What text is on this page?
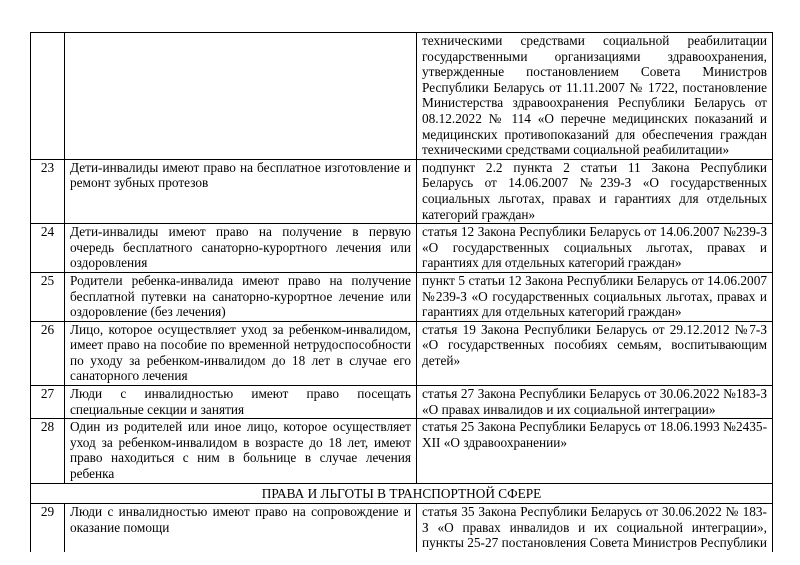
		техническими средствами социальной реабилитации государственными организациями здравоохранения, утвержденные постановлением Совета Министров Республики Беларусь от 11.11.2007 № 1722, постановление Министерства здравоохранения Республики Беларусь от 08.12.2022 № 114 «О перечне медицинских показаний и медицинских противопоказаний для обеспечения граждан техническими средствами социальной реабилитации»
23	Дети-инвалиды имеют право на бесплатное изготовление и ремонт зубных протезов	подпункт 2.2 пункта 2 статьи 11 Закона Республики Беларусь от 14.06.2007 №239-З «О государственных социальных льготах, правах и гарантиях для отдельных категорий граждан»
24	Дети-инвалиды имеют право на получение в первую очередь бесплатного санаторно-курортного лечения или оздоровления	статья 12 Закона Республики Беларусь от 14.06.2007 №239-З «О государственных социальных льготах, правах и гарантиях для отдельных категорий граждан»
25	Родители ребенка-инвалида имеют право на получение бесплатной путевки на санаторно-курортное лечение или оздоровление (без лечения)	пункт 5 статьи 12 Закона Республики Беларусь от 14.06.2007 №239-З «О государственных социальных льготах, правах и гарантиях для отдельных категорий граждан»
26	Лицо, которое осуществляет уход за ребенком-инвалидом, имеет право на пособие по временной нетрудоспособности по уходу за ребенком-инвалидом до 18 лет в случае его санаторного лечения	статья 19 Закона Республики Беларусь от 29.12.2012 №7-З «О государственных пособиях семьям, воспитывающим детей»
27	Люди с инвалидностью имеют право посещать специальные секции и занятия	статья 27 Закона Республики Беларусь от 30.06.2022 №183-З «О правах инвалидов и их социальной интеграции»
28	Один из родителей или иное лицо, которое осуществляет уход за ребенком-инвалидом в возрасте до 18 лет, имеют право находиться с ним в больнице в случае лечения ребенка	статья 25 Закона Республики Беларусь от 18.06.1993 №2435-XII «О здравоохранении»
ПРАВА И ЛЬГОТЫ В ТРАНСПОРТНОЙ СФЕРЕ
29	Люди с инвалидностью имеют право на сопровождение и оказание помощи	статья 35 Закона Республики Беларусь от 30.06.2022 № 183-З «О правах инвалидов и их социальной интеграции», пункты 25-27 постановления Совета Министров Республики
